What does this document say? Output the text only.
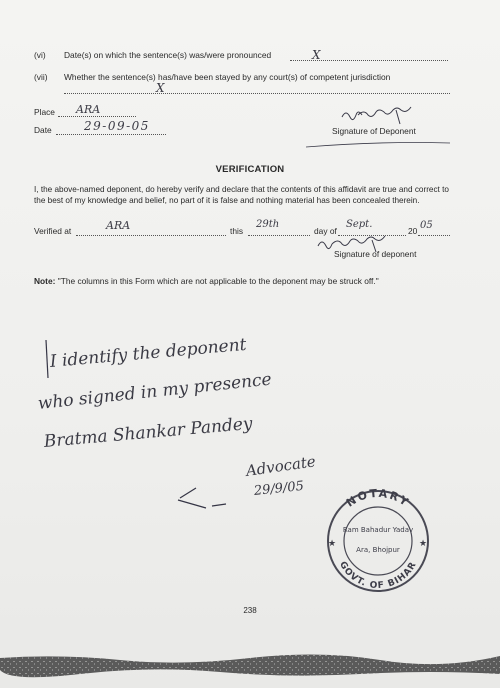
(vi) Date(s) on which the sentence(s) was/were pronounced	X
(vii) Whether the sentence(s) has/have been stayed by any court(s) of competent jurisdiction
X
Place ARA
Date	29-09-05	Signature of Deponent
VERIFICATION
I, the above-named deponent, do hereby verify and declare that the contents of this affidavit are true and correct to the best of my knowledge and belief, no part of it is false and nothing material has been concealed therein.
Verified at	ARA	this
29th
day of
Sept.
20 05
Signature of deponent
Note: "The columns in this Form which are not applicable to the deponent may be struck off."
I identify the deponent
who signed in my presence
Bratma Shankar Pandey
Advocate
29/9/05
NOTARY
GOVT. OF BIHAR
Ram Bahadur Yadav
Ara, Bhojpur
★	★
238
